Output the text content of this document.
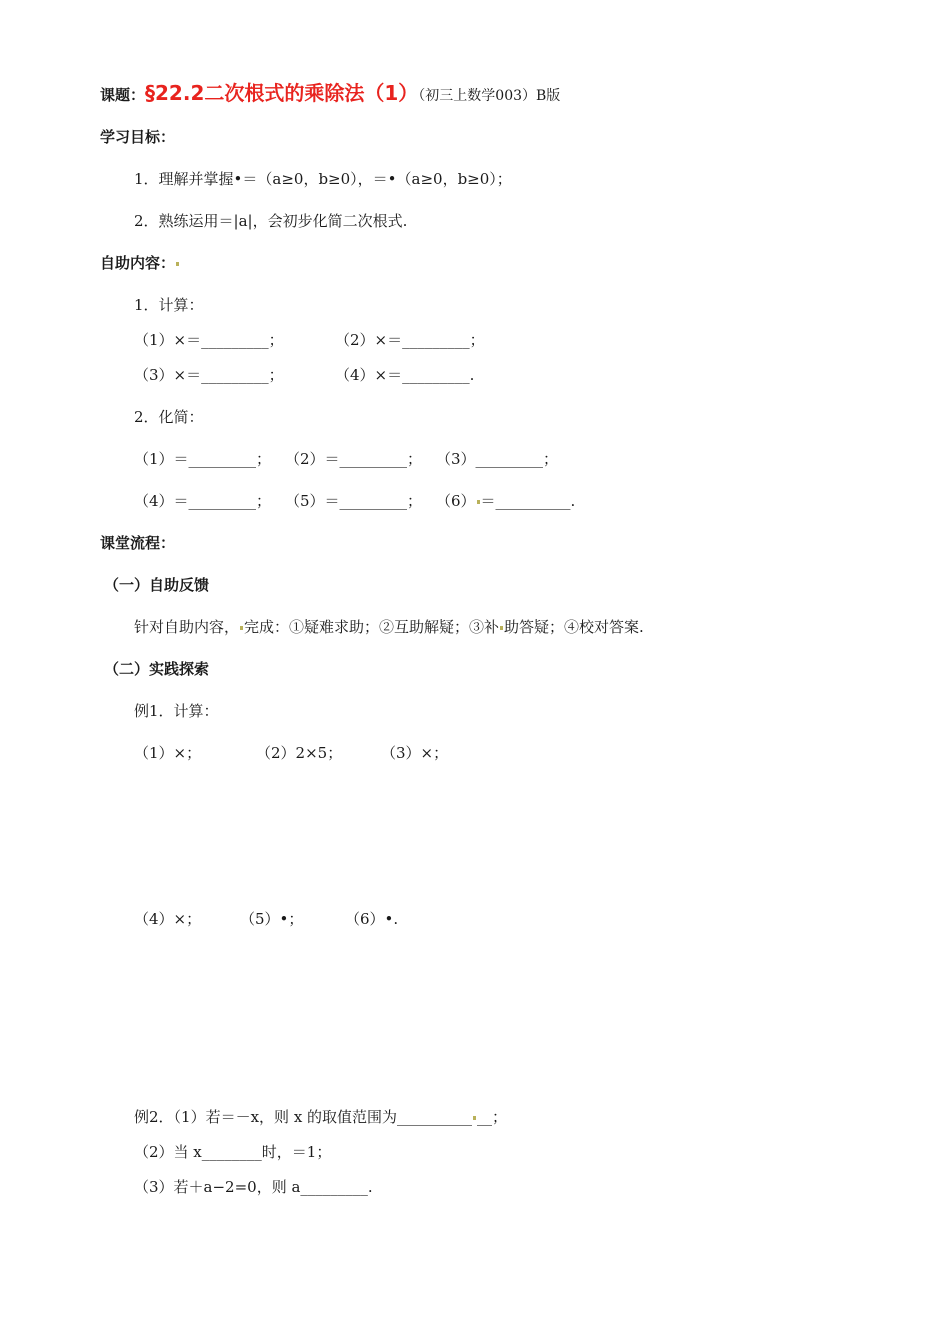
课题：§22.2二次根式的乘除法（1）（初三上数学003）B版
学习目标：
1．理解并掌握•＝（a≥0，b≥0），＝•（a≥0，b≥0）；
2．熟练运用＝|a|，会初步化简二次根式.
自助内容：
1．计算：
（1）×＝_________；	（2）×＝_________；
（3）×＝_________；	（4）×＝_________.
2．化简：
（1）＝_________； （2）＝_________； （3）_________；
（4）＝_________； （5）＝_________； （6） ＝__________.
课堂流程：
（一）自助反馈
针对自助内容， 完成：①疑难求助；②互助解疑；③补 助答疑；④校对答案.
（二）实践探索
例1．计算：
（1）×；	（2）2×5；	（3）×；
（4）×；	（5）•；	（6）•.
例2．（1）若＝－x，则 x 的取值范围为__________ __；
（2）当 x________时，＝1；
（3）若＋a−2=0，则 a_________.
